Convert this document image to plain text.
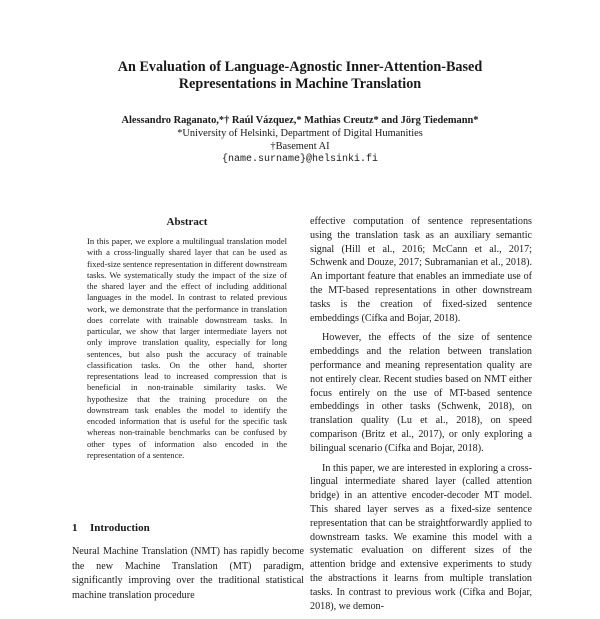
An Evaluation of Language-Agnostic Inner-Attention-Based
Representations in Machine Translation
Alessandro Raganato,*† Raúl Vázquez,* Mathias Creutz* and Jörg Tiedemann*
*University of Helsinki, Department of Digital Humanities
†Basement AI
{name.surname}@helsinki.fi
Abstract
In this paper, we explore a multilingual translation model with a cross-lingually shared layer that can be used as fixed-size sentence representation in different downstream tasks. We systematically study the impact of the size of the shared layer and the effect of including additional languages in the model. In contrast to related previous work, we demonstrate that the performance in translation does correlate with trainable downstream tasks. In particular, we show that larger intermediate layers not only improve translation quality, especially for long sentences, but also push the accuracy of trainable classification tasks. On the other hand, shorter representations lead to increased compression that is beneficial in non-trainable similarity tasks. We hypothesize that the training procedure on the downstream task enables the model to identify the encoded information that is useful for the specific task whereas non-trainable benchmarks can be confused by other types of information also encoded in the representation of a sentence.
1 Introduction
Neural Machine Translation (NMT) has rapidly become the new Machine Translation (MT) paradigm, significantly improving over the traditional statistical machine translation procedure

effective computation of sentence representations using the translation task as an auxiliary semantic signal (Hill et al., 2016; McCann et al., 2017; Schwenk and Douze, 2017; Subramanian et al., 2018). An important feature that enables an immediate use of the MT-based representations in other downstream tasks is the creation of fixed-sized sentence embeddings (Cífka and Bojar, 2018).

However, the effects of the size of sentence embeddings and the relation between translation performance and meaning representation quality are not entirely clear. Recent studies based on NMT either focus entirely on the use of MT-based sentence embeddings in other tasks (Schwenk, 2018), on translation quality (Lu et al., 2018), on speed comparison (Britz et al., 2017), or only exploring a bilingual scenario (Cífka and Bojar, 2018).

In this paper, we are interested in exploring a cross-lingual intermediate shared layer (called attention bridge) in an attentive encoder-decoder MT model. This shared layer serves as a fixed-size sentence representation that can be straightforwardly applied to downstream tasks. We examine this model with a systematic evaluation on different sizes of the attention bridge and extensive experiments to study the abstractions it learns from multiple translation tasks. In contrast to previous work (Cífka and Bojar, 2018), we demon-
